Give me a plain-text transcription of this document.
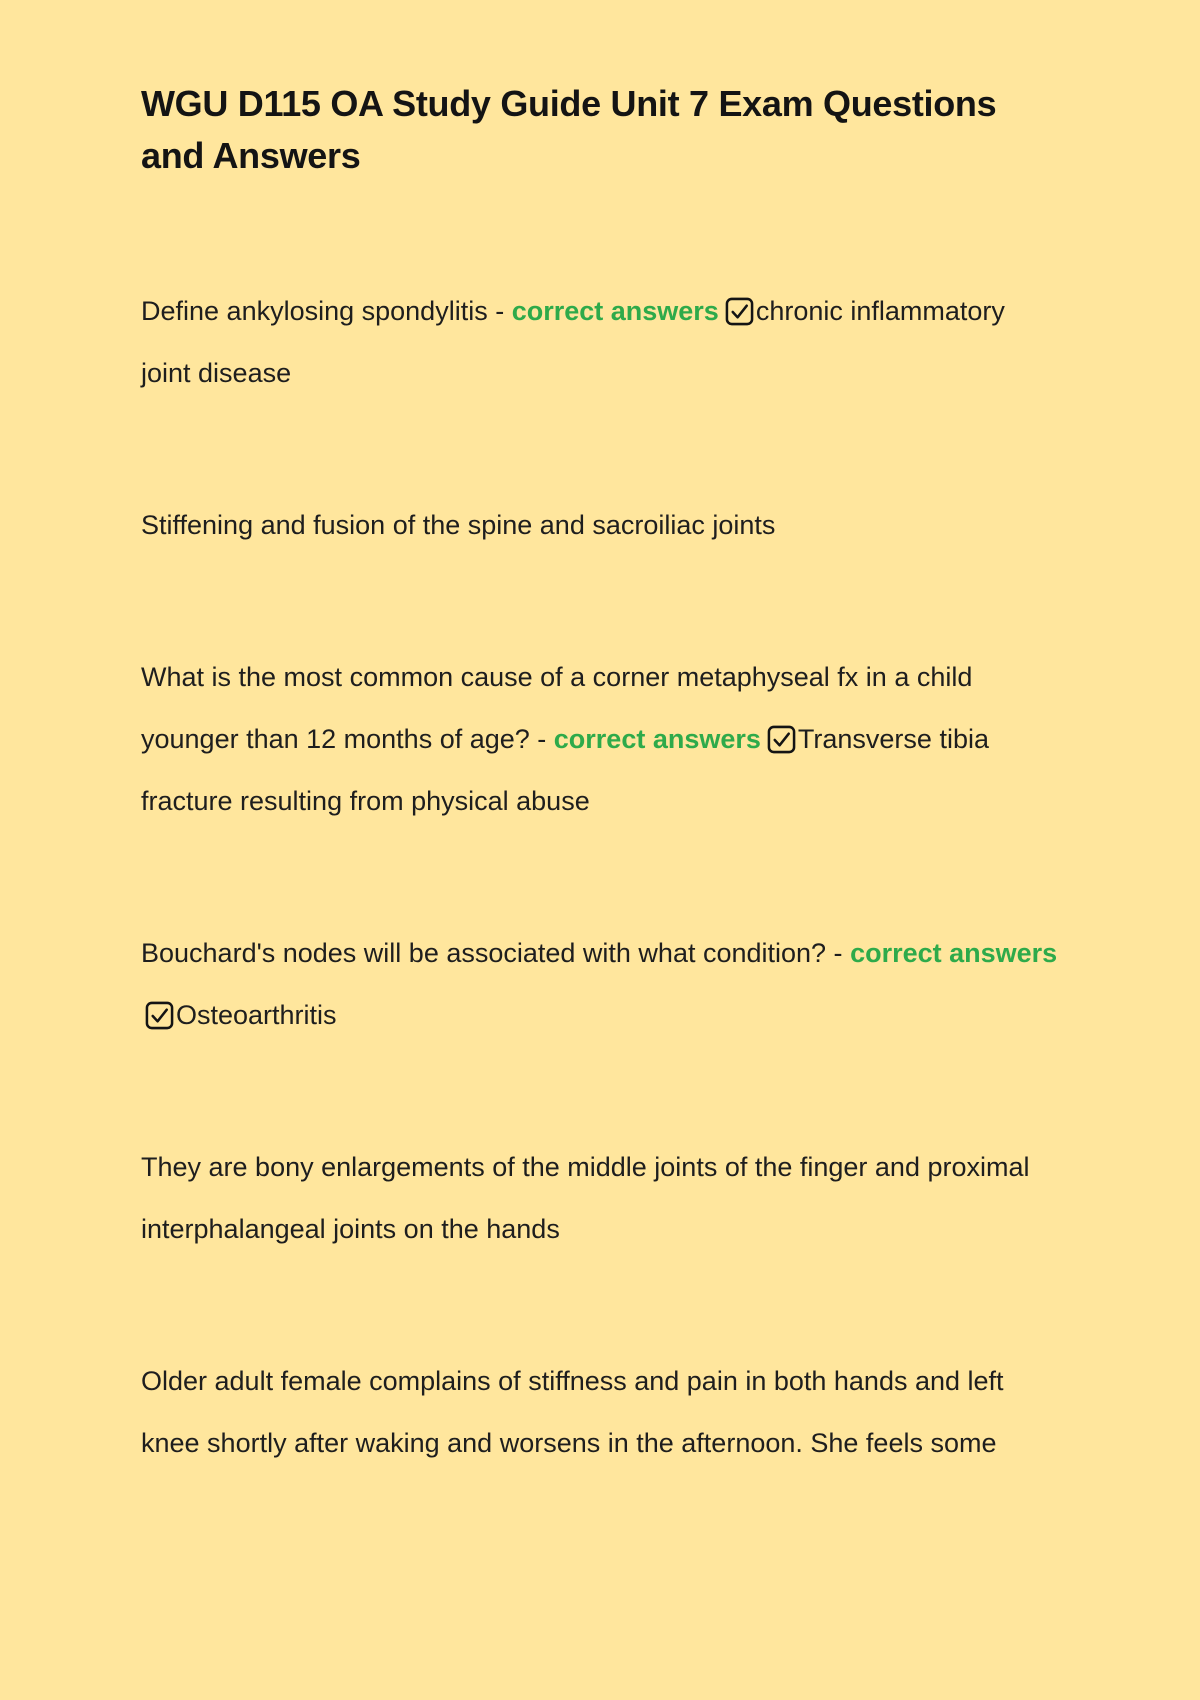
WGU D115 OA Study Guide Unit 7 Exam Questions and Answers

Define ankylosing spondylitis - correct answers chronic inflammatory joint disease

Stiffening and fusion of the spine and sacroiliac joints

What is the most common cause of a corner metaphyseal fx in a child younger than 12 months of age? - correct answers Transverse tibia fracture resulting from physical abuse

Bouchard's nodes will be associated with what condition? - correct answers
Osteoarthritis

They are bony enlargements of the middle joints of the finger and proximal interphalangeal joints on the hands

Older adult female complains of stiffness and pain in both hands and left knee shortly after waking and worsens in the afternoon. She feels some
